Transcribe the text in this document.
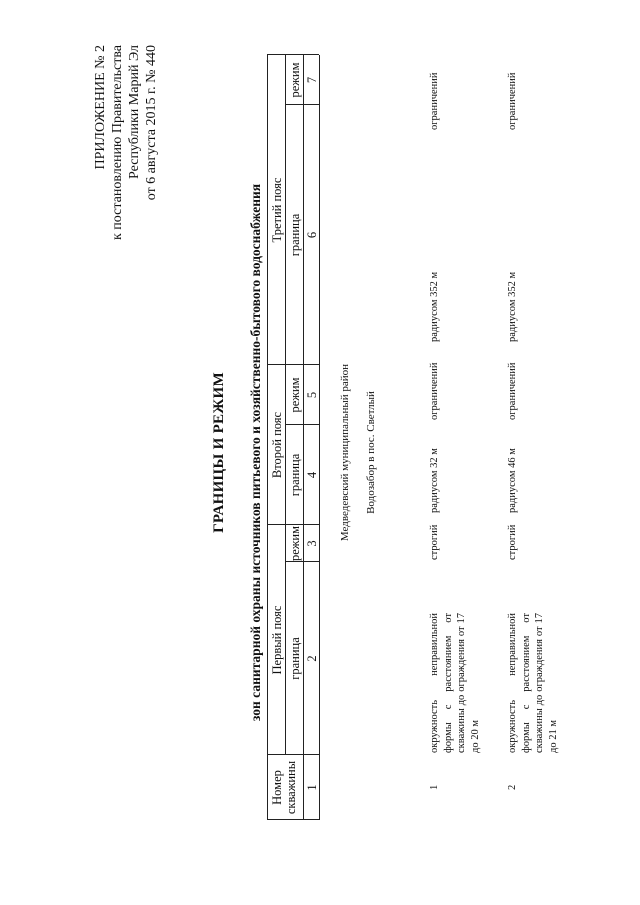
ПРИЛОЖЕНИЕ № 2 к постановлению Правительства Республики Марий Эл от 6 августа 2015 г. № 440
ГРАНИЦЫ И РЕЖИМ зон санитарной охраны источников питьевого и хозяйственно-бытового водоснабжения
Номер скважины
Первый пояс
Второй пояс
Третий пояс
граница
режим
граница
режим
граница
режим
1
2
3
4
5
6
7
Медведевский муниципальный район Водозабор в пос. Светлый
1
окружность неправильной формы с расстоянием от скважины до ограждения от 17 до 20 м
строгий
радиусом 32 м
ограничений
радиусом 352 м
ограничений
2
окружность неправильной формы с расстоянием от скважины до ограждения от 17 до 21 м
строгий
радиусом 46 м
ограничений
радиусом 352 м
ограничений
